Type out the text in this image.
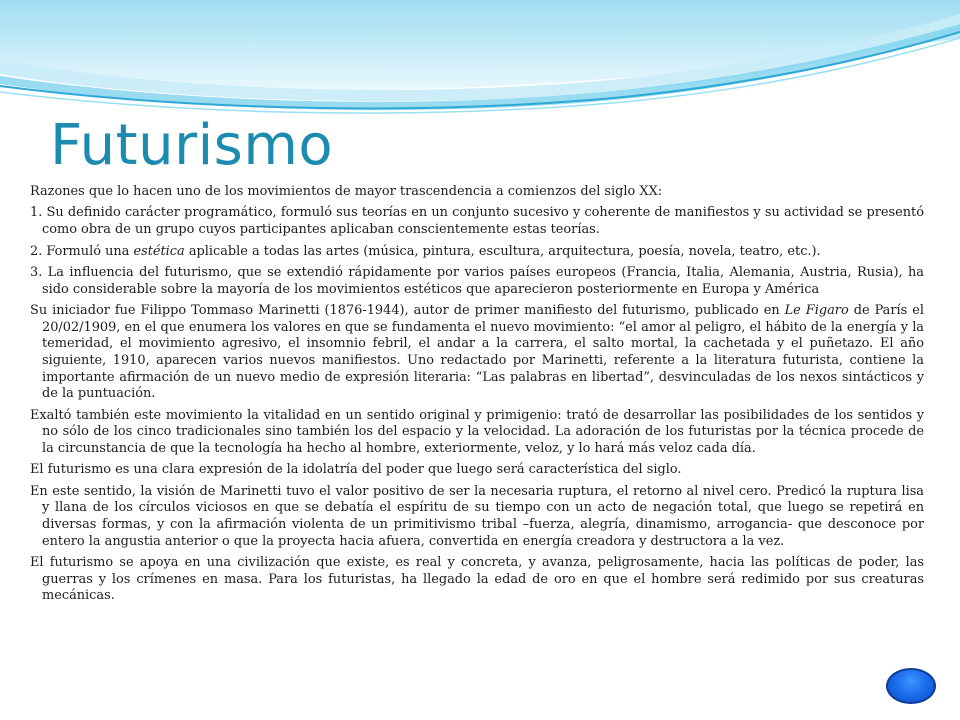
Futurismo

Razones que lo hacen uno de los movimientos de mayor trascendencia a comienzos del siglo XX:

1. Su definido carácter programático, formuló sus teorías en un conjunto sucesivo y coherente de manifiestos y su actividad se presentó como obra de un grupo cuyos participantes aplicaban conscientemente estas teorías.

2. Formuló una estética aplicable a todas las artes (música, pintura, escultura, arquitectura, poesía, novela, teatro, etc.).

3. La influencia del futurismo, que se extendió rápidamente por varios países europeos (Francia, Italia, Alemania, Austria, Rusia), ha sido considerable sobre la mayoría de los movimientos estéticos que aparecieron posteriormente en Europa y América

Su iniciador fue Filippo Tommaso Marinetti (1876-1944), autor de primer manifiesto del futurismo, publicado en Le Figaro de París el 20/02/1909, en el que enumera los valores en que se fundamenta el nuevo movimiento: “el amor al peligro, el hábito de la energía y la temeridad, el movimiento agresivo, el insomnio febril, el andar a la carrera, el salto mortal, la cachetada y el puñetazo. El año siguiente, 1910, aparecen varios nuevos manifiestos. Uno redactado por Marinetti, referente a la literatura futurista, contiene la importante afirmación de un nuevo medio de expresión literaria: “Las palabras en libertad”, desvinculadas de los nexos sintácticos y de la puntuación.

Exaltó también este movimiento la vitalidad en un sentido original y primigenio: trató de desarrollar las posibilidades de los sentidos y no sólo de los cinco tradicionales sino también los del espacio y la velocidad. La adoración de los futuristas por la técnica procede de la circunstancia de que la tecnología ha hecho al hombre, exteriormente, veloz, y lo hará más veloz cada día.

El futurismo es una clara expresión de la idolatría del poder que luego será característica del siglo.

En este sentido, la visión de Marinetti tuvo el valor positivo de ser la necesaria ruptura, el retorno al nivel cero. Predicó la ruptura lisa y llana de los círculos viciosos en que se debatía el espíritu de su tiempo con un acto de negación total, que luego se repetirá en diversas formas, y con la afirmación violenta de un primitivismo tribal –fuerza, alegría, dinamismo, arrogancia- que desconoce por entero la angustia anterior o que la proyecta hacia afuera, convertida en energía creadora y destructora a la vez.

El futurismo se apoya en una civilización que existe, es real y concreta, y avanza, peligrosamente, hacia las políticas de poder, las guerras y los crímenes en masa. Para los futuristas, ha llegado la edad de oro en que el hombre será redimido por sus creaturas mecánicas.
